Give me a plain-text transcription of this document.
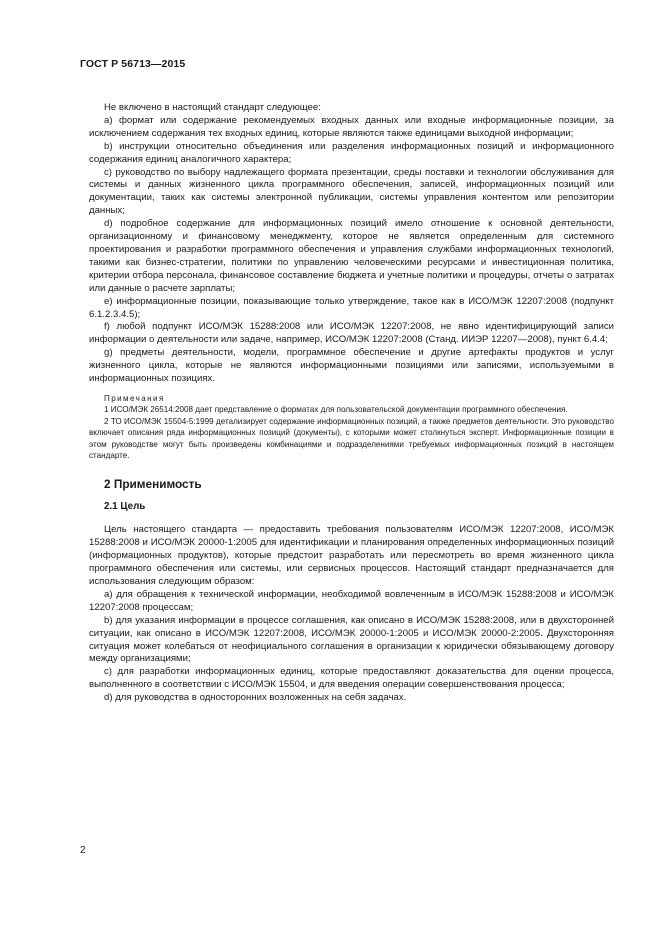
ГОСТ Р 56713—2015

Не включено в настоящий стандарт следующее:

a) формат или содержание рекомендуемых входных данных или входные информационные позиции, за исключением содержания тех входных единиц, которые являются также единицами выходной информации;

b) инструкции относительно объединения или разделения информационных позиций и информационного содержания единиц аналогичного характера;

c) руководство по выбору надлежащего формата презентации, среды поставки и технологии обслуживания для системы и данных жизненного цикла программного обеспечения, записей, информационных позиций или документации, таких как системы электронной публикации, системы управления контентом или репозитории данных;

d) подробное содержание для информационных позиций имело отношение к основной деятельности, организационному и финансовому менеджменту, которое не является определенным для системного проектирования и разработки программного обеспечения и управления службами информационных технологий, такими как бизнес-стратегии, политики по управлению человеческими ресурсами и инвестиционная политика, критерии отбора персонала, финансовое составление бюджета и учетные политики и процедуры, отчеты о затратах или данные о расчете зарплаты;

e) информационные позиции, показывающие только утверждение, такое как в ИСО/МЭК 12207:2008 (подпункт 6.1.2.3.4.5);

f) любой подпункт ИСО/МЭК 15288:2008 или ИСО/МЭК 12207:2008, не явно идентифицирующий записи информации о деятельности или задаче, например, ИСО/МЭК 12207:2008 (Станд. ИИЭР 12207—2008), пункт 6.4.4;

g) предметы деятельности, модели, программное обеспечение и другие артефакты продуктов и услуг жизненного цикла, которые не являются информационными позициями или записями, используемыми в информационных позициях.

Примечания

1 ИСО/МЭК 26514:2008 дает представление о форматах для пользовательской документации программного обеспечения.

2 ТО ИСО/МЭК 15504-5:1999 детализирует содержание информационных позиций, а также предметов деятельности. Это руководство включает описания ряда информационных позиций (документы), с которыми может столкнуться эксперт. Информационные позиции в этом руководстве могут быть произведены комбинациями и подразделениями требуемых информационных позиций в настоящем стандарте.

2 Применимость
2.1 Цель

Цель настоящего стандарта — предоставить требования пользователям ИСО/МЭК 12207:2008, ИСО/МЭК 15288:2008 и ИСО/МЭК 20000-1:2005 для идентификации и планирования определенных информационных позиций (информационных продуктов), которые предстоит разработать или пересмотреть во время жизненного цикла программного обеспечения или системы, или сервисных процессов. Настоящий стандарт предназначается для использования следующим образом:

a) для обращения к технической информации, необходимой вовлеченным в ИСО/МЭК 15288:2008 и ИСО/МЭК 12207:2008 процессам;

b) для указания информации в процессе соглашения, как описано в ИСО/МЭК 15288:2008, или в двухсторонней ситуации, как описано в ИСО/МЭК 12207:2008, ИСО/МЭК 20000-1:2005 и ИСО/МЭК 20000-2:2005. Двухсторонняя ситуация может колебаться от неофициального соглашения в организации к юридически обязывающему договору между организациями;

c) для разработки информационных единиц, которые предоставляют доказательства для оценки процесса, выполненного в соответствии с ИСО/МЭК 15504, и для введения операции совершенствования процесса;

d) для руководства в односторонних возложенных на себя задачах.

2
